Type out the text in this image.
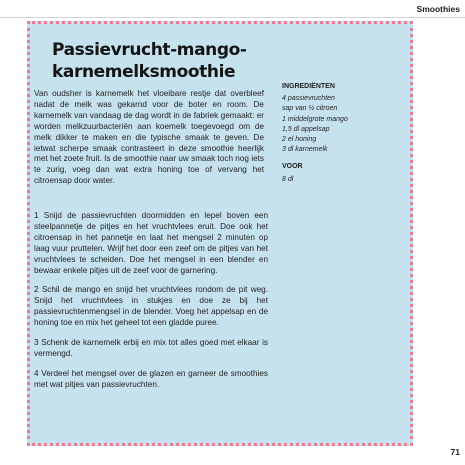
Smoothies
Passievrucht-mango-
karnemelksmoothie

Van oudsher is karnemelk het vloeibare restje dat overbleef nadat de melk was gekarnd voor de boter en room. De karnemelk van vandaag de dag wordt in de fabriek gemaakt: er worden melkzuurbacteriën aan koemelk toegevoegd om de melk dikker te maken en die typische smaak te geven. De ietwat scherpe smaak contrasteert in deze smoothie heerlijk met het zoete fruit. Is de smoothie naar uw smaak toch nog iets te zurig, voeg dan wat extra honing toe of vervang het citroensap door water.

INGREDIËNTEN
4 passievruchten
sap van ½ citroen
1 middelgrote mango
1,5 dl appelsap
2 el honing
3 dl karnemelk
VOOR
8 dl

1 Snijd de passievruchten doormidden en lepel boven een steelpannetje de pitjes en het vruchtvlees eruit. Doe ook het citroensap in het pannetje en laat het mengsel 2 minuten op laag vuur pruttelen. Wrijf het door een zeef om de pitjes van het vruchtvlees te scheiden. Doe het mengsel in een blender en bewaar enkele pitjes uit de zeef voor de garnering.

2 Schil de mango en snijd het vruchtvlees rondom de pit weg. Snijd het vruchtvlees in stukjes en doe ze bij het passievruchtenmengsel in de blender. Voeg het appelsap en de honing toe en mix het geheel tot een gladde puree.

3 Schenk de karnemelk erbij en mix tot alles goed met elkaar is vermengd.

4 Verdeel het mengsel over de glazen en garneer de smoothies met wat pitjes van passievruchten.

71
